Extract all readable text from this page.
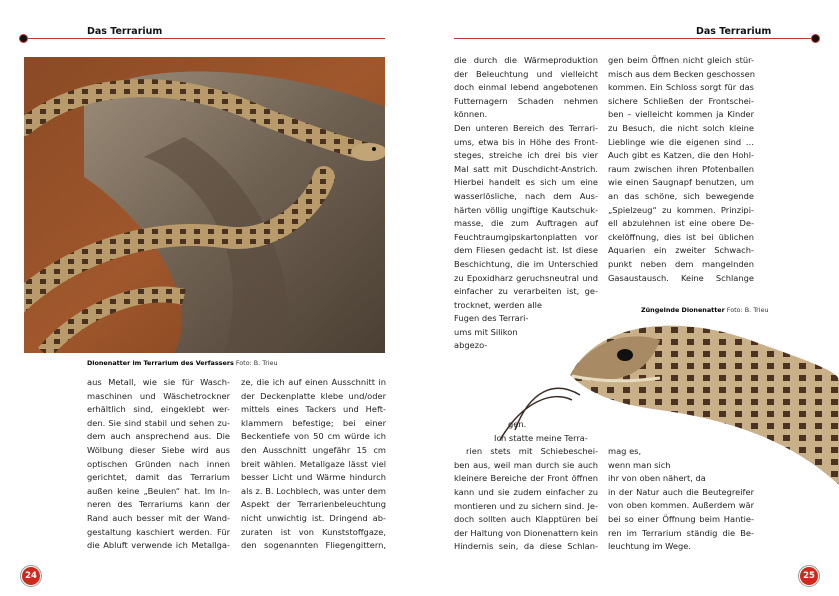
Das Terrarium
Dionenatter im Terrarium des Verfassers Foto: B. Trieu
aus Metall, wie sie für Wasch-
maschinen und Wäschetrockner
erhältlich sind, eingeklebt wer-
den. Sie sind stabil und sehen zu-
dem auch ansprechend aus. Die
Wölbung dieser Siebe wird aus
optischen Gründen nach innen
gerichtet, damit das Terrarium
außen keine „Beulen“ hat. Im In-
neren des Terrariums kann der
Rand auch besser mit der Wand-
gestaltung kaschiert werden. Für
die Abluft verwende ich Metallga-
ze, die ich auf einen Ausschnitt in
der Deckenplatte klebe und/oder
mittels eines Tackers und Heft-
klammern befestige; bei einer
Beckentiefe von 50 cm würde ich
den Ausschnitt ungefähr 15 cm
breit wählen. Metallgaze lässt viel
besser Licht und Wärme hindurch
als z. B. Lochblech, was unter dem
Aspekt der Terrarienbeleuchtung
nicht unwichtig ist. Dringend ab-
zuraten ist von Kunststoffgaze,
den sogenannten Fliegengittern,
24
Das Terrarium
Züngelnde Dionenatter Foto: B. Trieu
die durch die Wärmeproduktion
der Beleuchtung und vielleicht
doch einmal lebend angebotenen
Futternagern Schaden nehmen
können.
Den unteren Bereich des Terrari-
ums, etwa bis in Höhe des Front-
steges, streiche ich drei bis vier
Mal satt mit Duschdicht-Anstrich.
Hierbei handelt es sich um eine
wasserlösliche, nach dem Aus-
härten völlig ungiftige Kautschuk-
masse, die zum Auftragen auf
Feuchtraumgipskartonplatten vor
dem Fliesen gedacht ist. Ist diese
Beschichtung, die im Unterschied
zu Epoxidharz geruchsneutral und
einfacher zu verarbeiten ist, ge-
trocknet, werden alle
Fugen des Terrari-
ums mit Silikon
abgezo-
gen.
Ich statte meine Terra-
rien stets mit Schiebeschei-
ben aus, weil man durch sie auch
kleinere Bereiche der Front öffnen
kann und sie zudem einfacher zu
montieren und zu sichern sind. Je-
doch sollten auch Klapptüren bei
der Haltung von Dionenattern kein
Hindernis sein, da diese Schlan-
gen beim Öffnen nicht gleich stür-
misch aus dem Becken geschossen
kommen. Ein Schloss sorgt für das
sichere Schließen der Frontschei-
ben – vielleicht kommen ja Kinder
zu Besuch, die nicht solch kleine
Lieblinge wie die eigenen sind …
Auch gibt es Katzen, die den Hohl-
raum zwischen ihren Pfotenballen
wie einen Saugnapf benutzen, um
an das schöne, sich bewegende
„Spielzeug“ zu kommen. Prinzipi-
ell abzulehnen ist eine obere De-
ckelöffnung, dies ist bei üblichen
Aquarien ein zweiter Schwach-
punkt neben dem mangelnden
Gasaustausch. Keine Schlange
mag es,
wenn man sich
ihr von oben nähert, da
in der Natur auch die Beutegreifer
von oben kommen. Außerdem wär
bei so einer Öffnung beim Hantie-
ren im Terrarium ständig die Be-
leuchtung im Wege.
25
